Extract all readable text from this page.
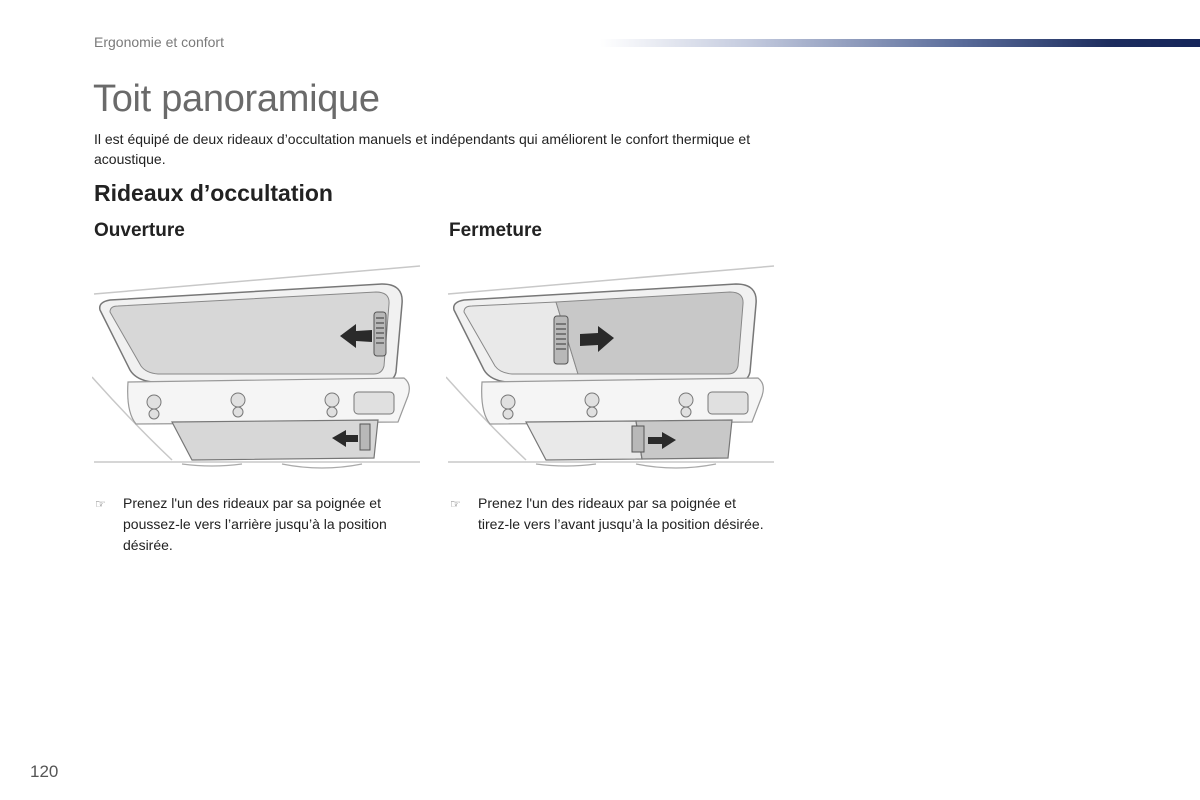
Ergonomie et confort
Toit panoramique
Il est équipé de deux rideaux d’occultation manuels et indépendants qui améliorent le confort thermique et acoustique.
Rideaux d’occultation
Ouverture	Fermeture
☞ Prenez l'un des rideaux par sa poignée et poussez-le vers l’arrière jusqu’à la position désirée.
☞ Prenez l'un des rideaux par sa poignée et tirez-le vers l’avant jusqu’à la position désirée.
120
